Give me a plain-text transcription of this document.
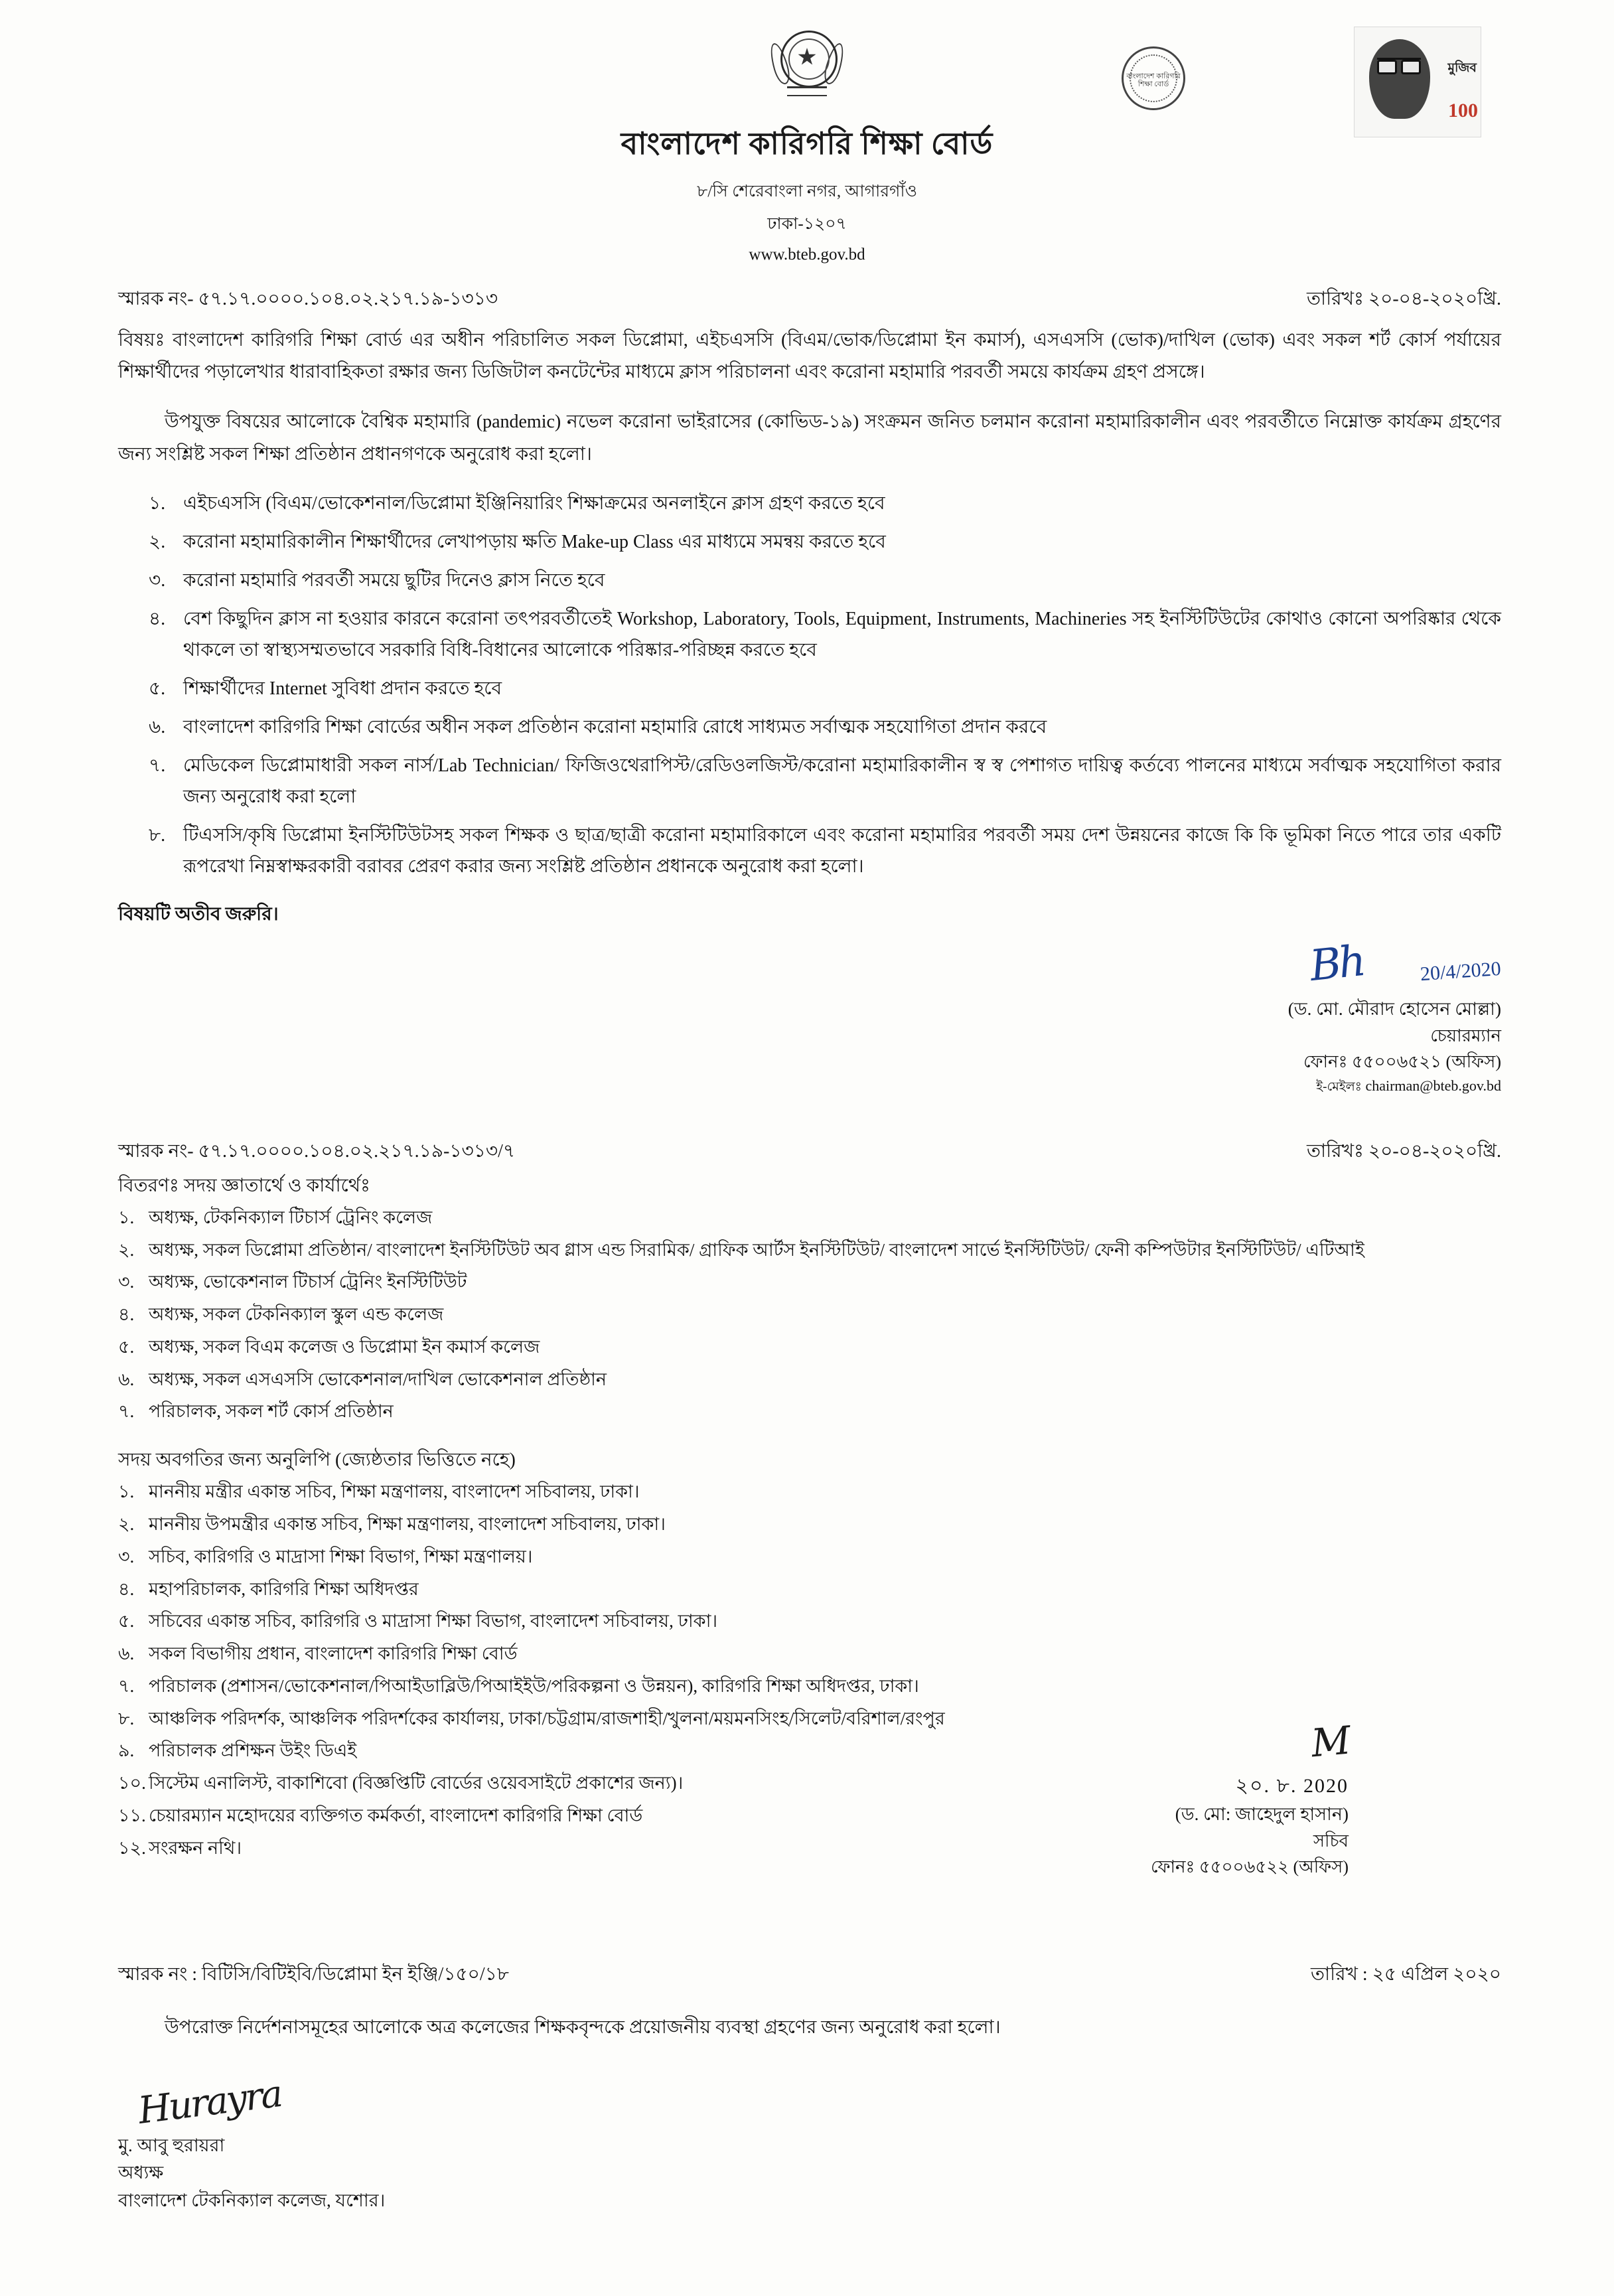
বাংলাদেশ কারিগরি শিক্ষা বোর্ড
মুজিব
100
বাংলাদেশ কারিগরি শিক্ষা বোর্ড
৮/সি শেরেবাংলা নগর, আগারগাঁও
ঢাকা-১২০৭
www.bteb.gov.bd
স্মারক নং- ৫৭.১৭.০০০০.১০৪.০২.২১৭.১৯-১৩১৩	তারিখঃ ২০-০৪-২০২০খ্রি.
বিষয়ঃ বাংলাদেশ কারিগরি শিক্ষা বোর্ড এর অধীন পরিচালিত সকল ডিপ্লোমা, এইচএসসি (বিএম/ভোক/ডিপ্লোমা ইন কমার্স), এসএসসি (ভোক)/দাখিল (ভোক) এবং সকল শর্ট কোর্স পর্যায়ের শিক্ষার্থীদের পড়ালেখার ধারাবাহিকতা রক্ষার জন্য ডিজিটাল কনটেন্টের মাধ্যমে ক্লাস পরিচালনা এবং করোনা মহামারি পরবর্তী সময়ে কার্যক্রম গ্রহণ প্রসঙ্গে।
উপযুক্ত বিষয়ের আলোকে বৈশ্বিক মহামারি (pandemic) নভেল করোনা ভাইরাসের (কোভিড-১৯) সংক্রমন জনিত চলমান করোনা মহামারিকালীন এবং পরবর্তীতে নিম্নোক্ত কার্যক্রম গ্রহণের জন্য সংশ্লিষ্ট সকল শিক্ষা প্রতিষ্ঠান প্রধানগণকে অনুরোধ করা হলো।
১. এইচএসসি (বিএম/ভোকেশনাল/ডিপ্লোমা ইঞ্জিনিয়ারিং শিক্ষাক্রমের অনলাইনে ক্লাস গ্রহণ করতে হবে
২. করোনা মহামারিকালীন শিক্ষার্থীদের লেখাপড়ায় ক্ষতি Make-up Class এর মাধ্যমে সমন্বয় করতে হবে
৩. করোনা মহামারি পরবর্তী সময়ে ছুটির দিনেও ক্লাস নিতে হবে
৪. বেশ কিছুদিন ক্লাস না হওয়ার কারনে করোনা তৎপরবর্তীতেই Workshop, Laboratory, Tools, Equipment, Instruments, Machineries সহ ইনস্টিটিউটের কোথাও কোনো অপরিষ্কার থেকে থাকলে তা স্বাস্থ্যসম্মতভাবে সরকারি বিধি-বিধানের আলোকে পরিষ্কার-পরিচ্ছন্ন করতে হবে
৫. শিক্ষার্থীদের Internet সুবিধা প্রদান করতে হবে
৬. বাংলাদেশ কারিগরি শিক্ষা বোর্ডের অধীন সকল প্রতিষ্ঠান করোনা মহামারি রোধে সাধ্যমত সর্বাত্মক সহযোগিতা প্রদান করবে
৭. মেডিকেল ডিপ্লোমাধারী সকল নার্স/Lab Technician/ ফিজিওথেরাপিস্ট/রেডিওলজিস্ট/করোনা মহামারিকালীন স্ব স্ব পেশাগত দায়িত্ব কর্তব্যে পালনের মাধ্যমে সর্বাত্মক সহযোগিতা করার জন্য অনুরোধ করা হলো
৮. টিএসসি/কৃষি ডিপ্লোমা ইনস্টিটিউটসহ সকল শিক্ষক ও ছাত্র/ছাত্রী করোনা মহামারিকালে এবং করোনা মহামারির পরবর্তী সময় দেশ উন্নয়নের কাজে কি কি ভূমিকা নিতে পারে তার একটি রূপরেখা নিম্নস্বাক্ষরকারী বরাবর প্রেরণ করার জন্য সংশ্লিষ্ট প্রতিষ্ঠান প্রধানকে অনুরোধ করা হলো।
বিষয়টি অতীব জরুরি।
Bh	20/4/2020
(ড. মো. মৌরাদ হোসেন মোল্লা)
চেয়ারম্যান
ফোনঃ ৫৫০০৬৫২১ (অফিস)
ই-মেইলঃ chairman@bteb.gov.bd
স্মারক নং- ৫৭.১৭.০০০০.১০৪.০২.২১৭.১৯-১৩১৩/৭	তারিখঃ ২০-০৪-২০২০খ্রি.
বিতরণঃ সদয় জ্ঞাতার্থে ও কার্যার্থেঃ
১. অধ্যক্ষ, টেকনিক্যাল টিচার্স ট্রেনিং কলেজ
২. অধ্যক্ষ, সকল ডিপ্লোমা প্রতিষ্ঠান/ বাংলাদেশ ইনস্টিটিউট অব গ্লাস এন্ড সিরামিক/ গ্রাফিক আর্টস ইনস্টিটিউট/ বাংলাদেশ সার্ভে ইনস্টিটিউট/ ফেনী কম্পিউটার ইনস্টিটিউট/ এটিআই
৩. অধ্যক্ষ, ভোকেশনাল টিচার্স ট্রেনিং ইনস্টিটিউট
৪. অধ্যক্ষ, সকল টেকনিক্যাল স্কুল এন্ড কলেজ
৫. অধ্যক্ষ, সকল বিএম কলেজ ও ডিপ্লোমা ইন কমার্স কলেজ
৬. অধ্যক্ষ, সকল এসএসসি ভোকেশনাল/দাখিল ভোকেশনাল প্রতিষ্ঠান
৭. পরিচালক, সকল শর্ট কোর্স প্রতিষ্ঠান
সদয় অবগতির জন্য অনুলিপি (জ্যেষ্ঠতার ভিত্তিতে নহে)
১. মাননীয় মন্ত্রীর একান্ত সচিব, শিক্ষা মন্ত্রণালয়, বাংলাদেশ সচিবালয়, ঢাকা।
২. মাননীয় উপমন্ত্রীর একান্ত সচিব, শিক্ষা মন্ত্রণালয়, বাংলাদেশ সচিবালয়, ঢাকা।
৩. সচিব, কারিগরি ও মাদ্রাসা শিক্ষা বিভাগ, শিক্ষা মন্ত্রণালয়।
৪. মহাপরিচালক, কারিগরি শিক্ষা অধিদপ্তর
৫. সচিবের একান্ত সচিব, কারিগরি ও মাদ্রাসা শিক্ষা বিভাগ, বাংলাদেশ সচিবালয়, ঢাকা।
৬. সকল বিভাগীয় প্রধান, বাংলাদেশ কারিগরি শিক্ষা বোর্ড
৭. পরিচালক (প্রশাসন/ভোকেশনাল/পিআইডাব্লিউ/পিআইইউ/পরিকল্পনা ও উন্নয়ন), কারিগরি শিক্ষা অধিদপ্তর, ঢাকা।
৮. আঞ্চলিক পরিদর্শক, আঞ্চলিক পরিদর্শকের কার্যালয়, ঢাকা/চট্টগ্রাম/রাজশাহী/খুলনা/ময়মনসিংহ/সিলেট/বরিশাল/রংপুর
৯. পরিচালক প্রশিক্ষন উইং ডিএই
১০. সিস্টেম এনালিস্ট, বাকাশিবো (বিজ্ঞপ্তিটি বোর্ডের ওয়েবসাইটে প্রকাশের জন্য)।
১১. চেয়ারম্যান মহোদয়ের ব্যক্তিগত কর্মকর্তা, বাংলাদেশ কারিগরি শিক্ষা বোর্ড
১২. সংরক্ষন নথি।
M
২০. ৮. 2020
(ড. মো: জাহেদুল হাসান)
সচিব
ফোনঃ ৫৫০০৬৫২২ (অফিস)
স্মারক নং : বিটিসি/বিটিইবি/ডিপ্লোমা ইন ইঞ্জি/১৫০/১৮	তারিখ : ২৫ এপ্রিল ২০২০
উপরোক্ত নির্দেশনাসমূহের আলোকে অত্র কলেজের শিক্ষকবৃন্দকে প্রয়োজনীয় ব্যবস্থা গ্রহণের জন্য অনুরোধ করা হলো।
Hurayra
মু. আবু হুরায়রা
অধ্যক্ষ
বাংলাদেশ টেকনিক্যাল কলেজ, যশোর।
